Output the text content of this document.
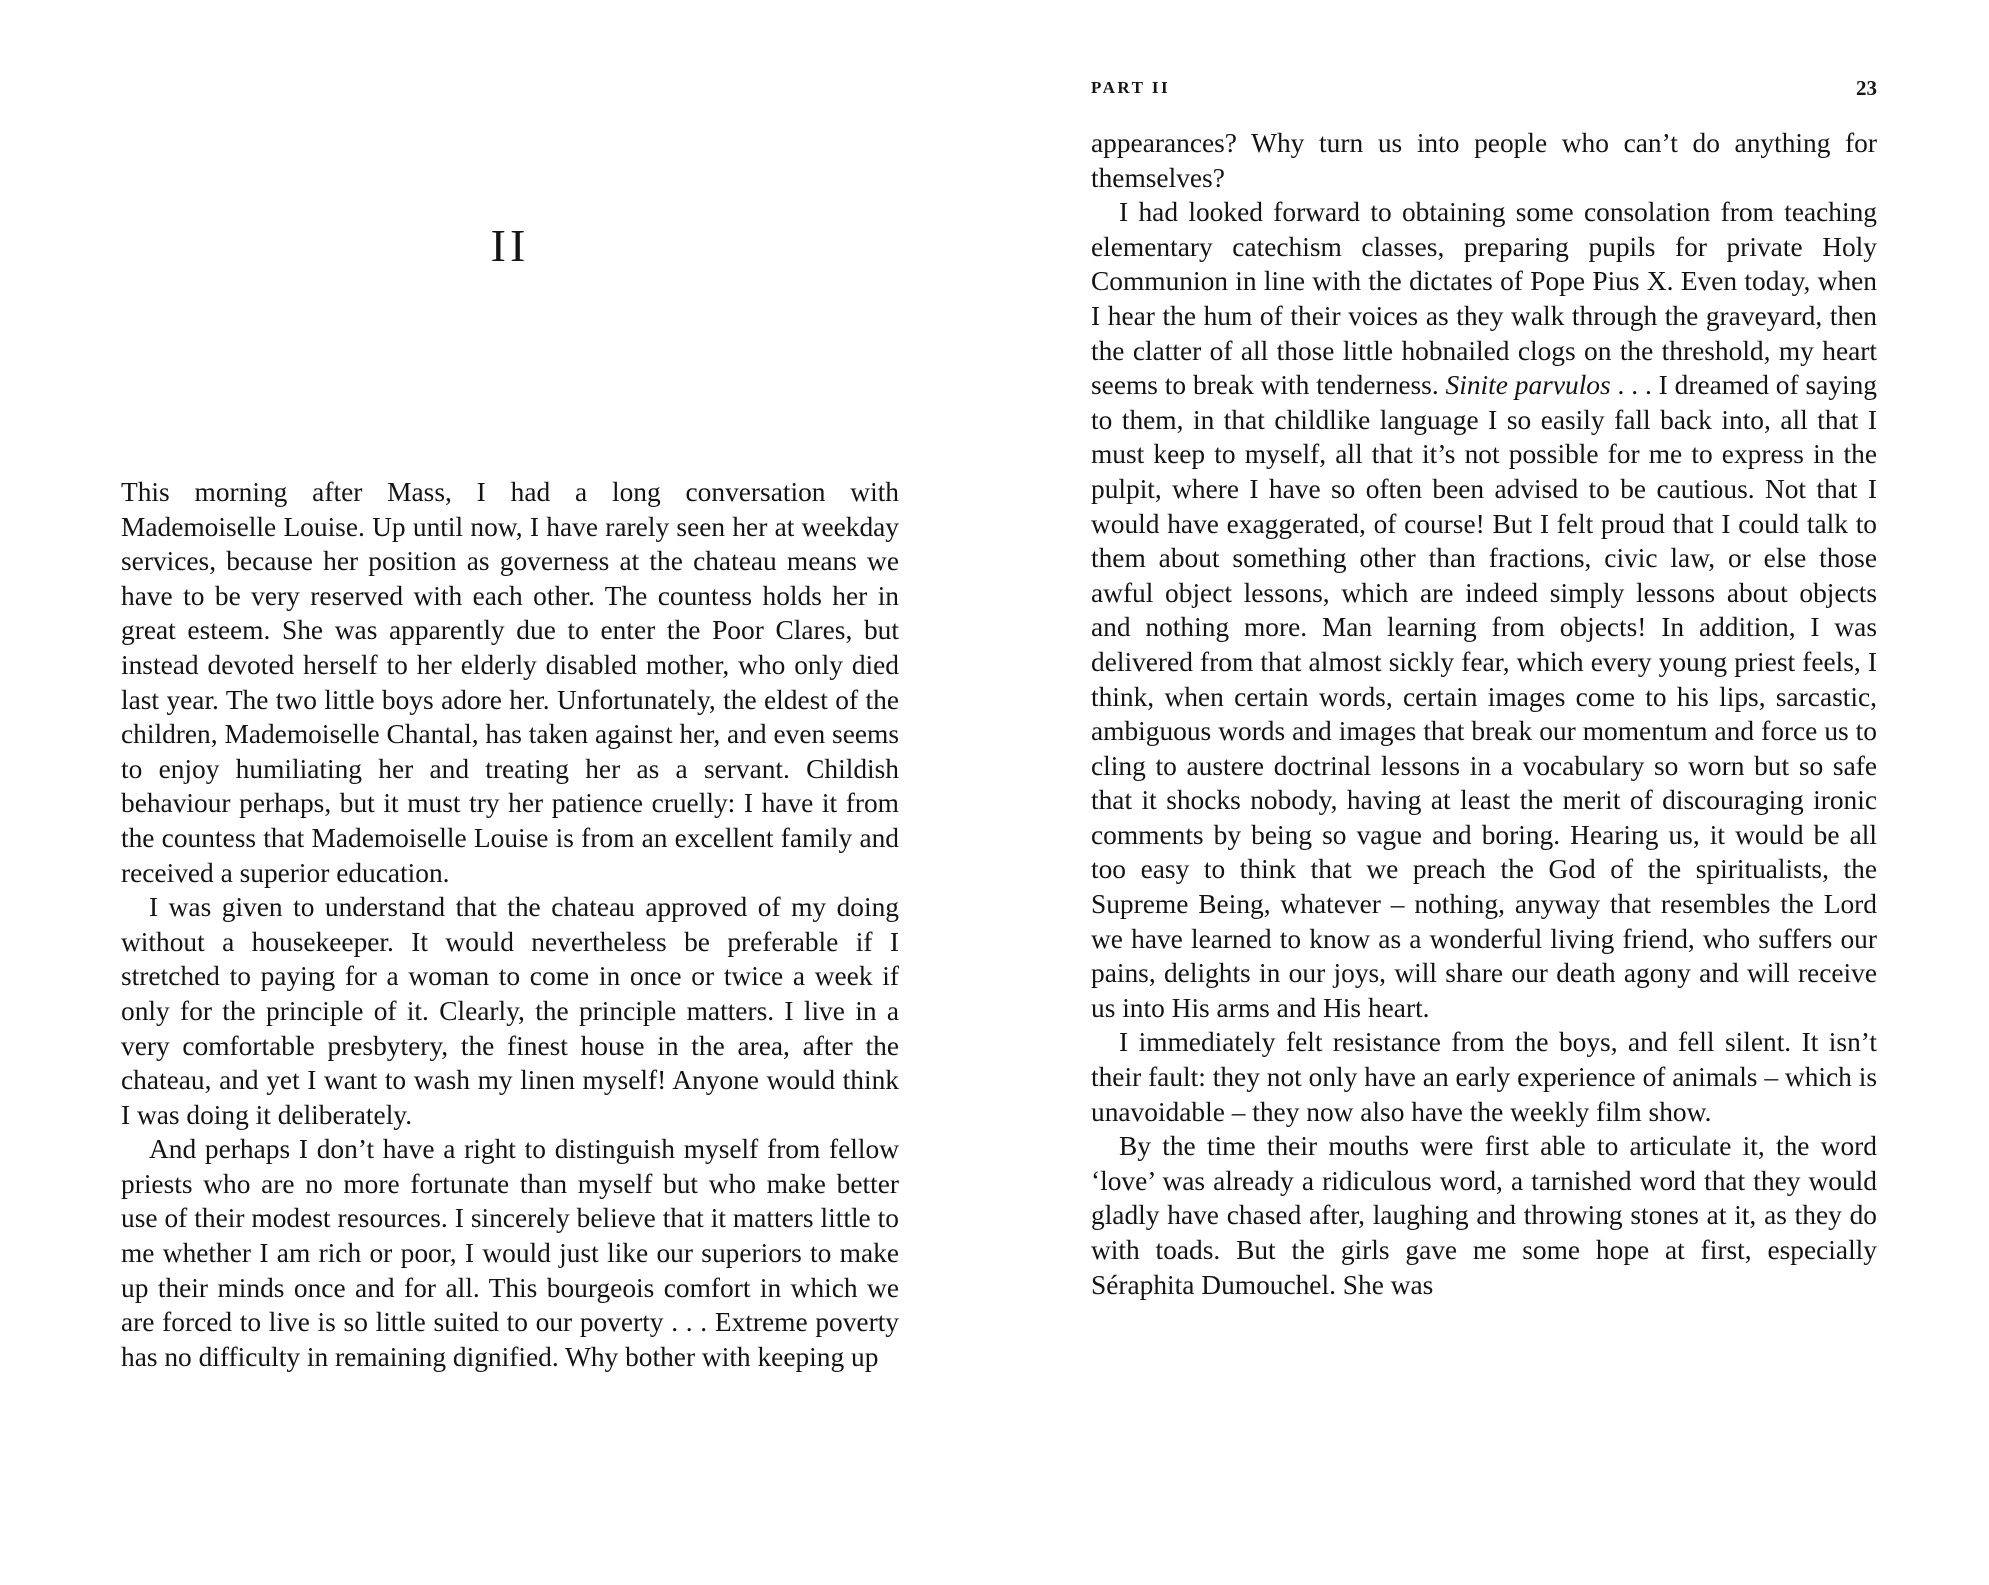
II

This morning after Mass, I had a long conversation with Mademoiselle Louise. Up until now, I have rarely seen her at weekday services, because her position as governess at the chateau means we have to be very reserved with each other. The countess holds her in great esteem. She was apparently due to enter the Poor Clares, but instead devoted herself to her elderly disabled mother, who only died last year. The two little boys adore her. Unfortunately, the eldest of the children, Mademoiselle Chantal, has taken against her, and even seems to enjoy humiliating her and treating her as a servant. Childish behaviour perhaps, but it must try her patience cruelly: I have it from the countess that Mademoiselle Louise is from an excellent family and received a superior education.

I was given to understand that the chateau approved of my doing without a housekeeper. It would nevertheless be preferable if I stretched to paying for a woman to come in once or twice a week if only for the principle of it. Clearly, the principle matters. I live in a very comfortable presbytery, the finest house in the area, after the chateau, and yet I want to wash my linen myself! Anyone would think I was doing it deliberately.

And perhaps I don’t have a right to distinguish myself from fellow priests who are no more fortunate than myself but who make better use of their modest resources. I sincerely believe that it matters little to me whether I am rich or poor, I would just like our superiors to make up their minds once and for all. This bourgeois comfort in which we are forced to live is so little suited to our poverty . . . Extreme poverty has no difficulty in remaining dignified. Why bother with keeping up

PART II	23

appearances? Why turn us into people who can’t do anything for themselves?

I had looked forward to obtaining some consolation from teaching elementary catechism classes, preparing pupils for private Holy Communion in line with the dictates of Pope Pius X. Even today, when I hear the hum of their voices as they walk through the graveyard, then the clatter of all those little hobnailed clogs on the threshold, my heart seems to break with tenderness. Sinite parvulos . . . I dreamed of saying to them, in that childlike language I so easily fall back into, all that I must keep to myself, all that it’s not possible for me to express in the pulpit, where I have so often been advised to be cautious. Not that I would have exaggerated, of course! But I felt proud that I could talk to them about something other than fractions, civic law, or else those awful object lessons, which are indeed simply lessons about objects and nothing more. Man learning from objects! In addition, I was delivered from that almost sickly fear, which every young priest feels, I think, when certain words, certain images come to his lips, sarcastic, ambiguous words and images that break our momentum and force us to cling to austere doctrinal lessons in a vocabulary so worn but so safe that it shocks nobody, having at least the merit of discouraging ironic comments by being so vague and boring. Hearing us, it would be all too easy to think that we preach the God of the spiritualists, the Supreme Being, whatever – nothing, anyway that resembles the Lord we have learned to know as a wonderful living friend, who suffers our pains, delights in our joys, will share our death agony and will receive us into His arms and His heart.

I immediately felt resistance from the boys, and fell silent. It isn’t their fault: they not only have an early experience of animals – which is unavoidable – they now also have the weekly film show.

By the time their mouths were first able to articulate it, the word ‘love’ was already a ridiculous word, a tarnished word that they would gladly have chased after, laughing and throwing stones at it, as they do with toads. But the girls gave me some hope at first, especially Séraphita Dumouchel. She was
